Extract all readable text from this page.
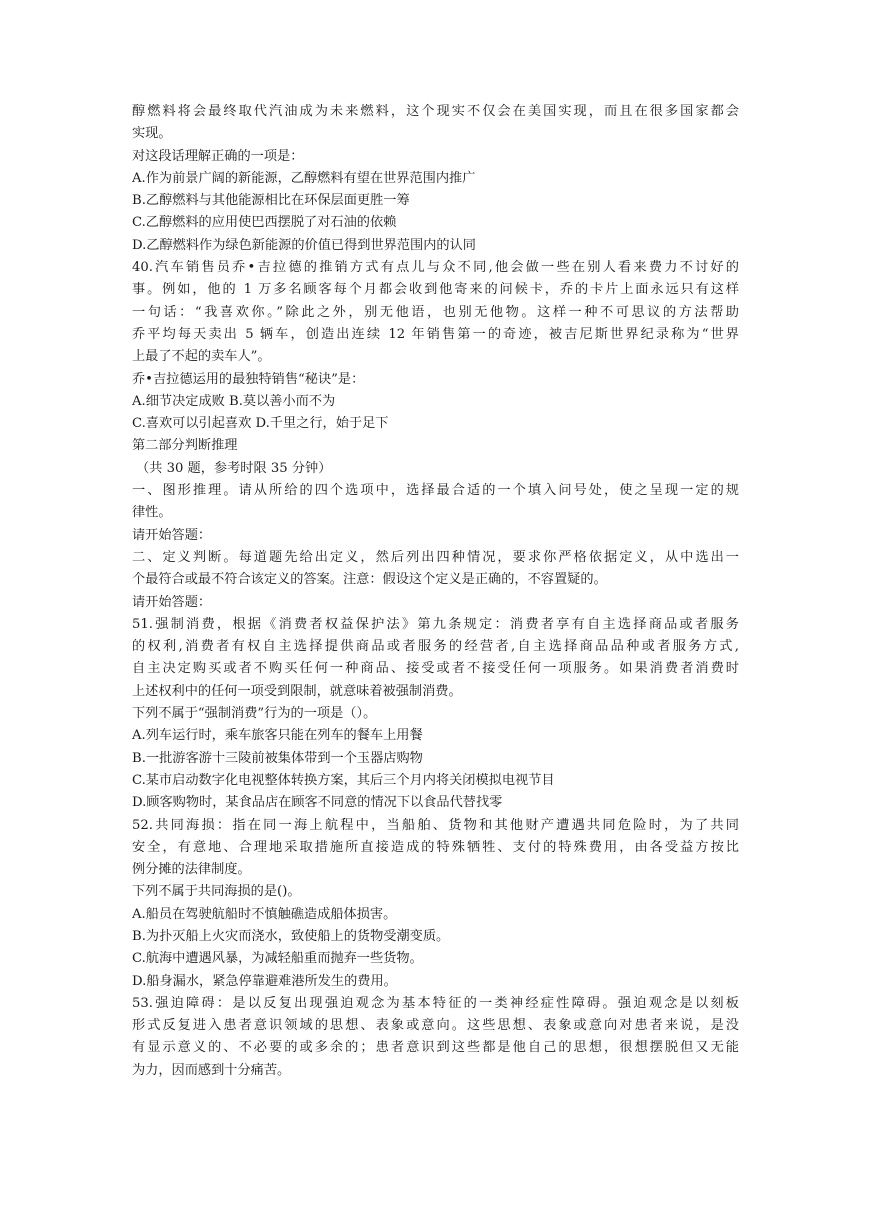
醇燃料将会最终取代汽油成为未来燃料，这个现实不仅会在美国实现，而且在很多国家都会
实现。
对这段话理解正确的一项是：
A.作为前景广阔的新能源，乙醇燃料有望在世界范围内推广
B.乙醇燃料与其他能源相比在环保层面更胜一筹
C.乙醇燃料的应用使巴西摆脱了对石油的依赖
D.乙醇燃料作为绿色新能源的价值已得到世界范围内的认同
40.汽车销售员乔•吉拉德的推销方式有点儿与众不同,他会做一些在别人看来费力不讨好的
事。例如，他的 1 万多名顾客每个月都会收到他寄来的问候卡，乔的卡片上面永远只有这样
一句话：“我喜欢你。”除此之外，别无他语，也别无他物。这样一种不可思议的方法帮助
乔平均每天卖出 5 辆车，创造出连续 12 年销售第一的奇迹，被吉尼斯世界纪录称为“世界
上最了不起的卖车人”。
乔•吉拉德运用的最独特销售“秘诀”是：
A.细节决定成败 B.莫以善小而不为
C.喜欢可以引起喜欢 D.千里之行，始于足下
第二部分判断推理
（共 30 题，参考时限 35 分钟）
一、图形推理。请从所给的四个选项中，选择最合适的一个填入问号处，使之呈现一定的规
律性。
请开始答题：
二、定义判断。每道题先给出定义，然后列出四种情况，要求你严格依据定义，从中选出一
个最符合或最不符合该定义的答案。注意：假设这个定义是正确的，不容置疑的。
请开始答题：
51.强制消费，根据《消费者权益保护法》第九条规定：消费者享有自主选择商品或者服务
的权利,消费者有权自主选择提供商品或者服务的经营者,自主选择商品品种或者服务方式,
自主决定购买或者不购买任何一种商品、接受或者不接受任何一项服务。如果消费者消费时
上述权利中的任何一项受到限制，就意味着被强制消费。
下列不属于“强制消费”行为的一项是（）。
A.列车运行时，乘车旅客只能在列车的餐车上用餐
B.一批游客游十三陵前被集体带到一个玉器店购物
C.某市启动数字化电视整体转换方案，其后三个月内将关闭模拟电视节目
D.顾客购物时，某食品店在顾客不同意的情况下以食品代替找零
52.共同海损：指在同一海上航程中，当船舶、货物和其他财产遭遇共同危险时，为了共同
安全，有意地、合理地采取措施所直接造成的特殊牺牲、支付的特殊费用，由各受益方按比
例分摊的法律制度。
下列不属于共同海损的是()。
A.船员在驾驶航船时不慎触礁造成船体损害。
B.为扑灭船上火灾而浇水，致使船上的货物受潮变质。
C.航海中遭遇风暴，为减轻船重而抛弃一些货物。
D.船身漏水，紧急停靠避难港所发生的费用。
53.强迫障碍：是以反复出现强迫观念为基本特征的一类神经症性障碍。强迫观念是以刻板
形式反复进入患者意识领域的思想、表象或意向。这些思想、表象或意向对患者来说，是没
有显示意义的、不必要的或多余的；患者意识到这些都是他自己的思想，很想摆脱但又无能
为力，因而感到十分痛苦。
